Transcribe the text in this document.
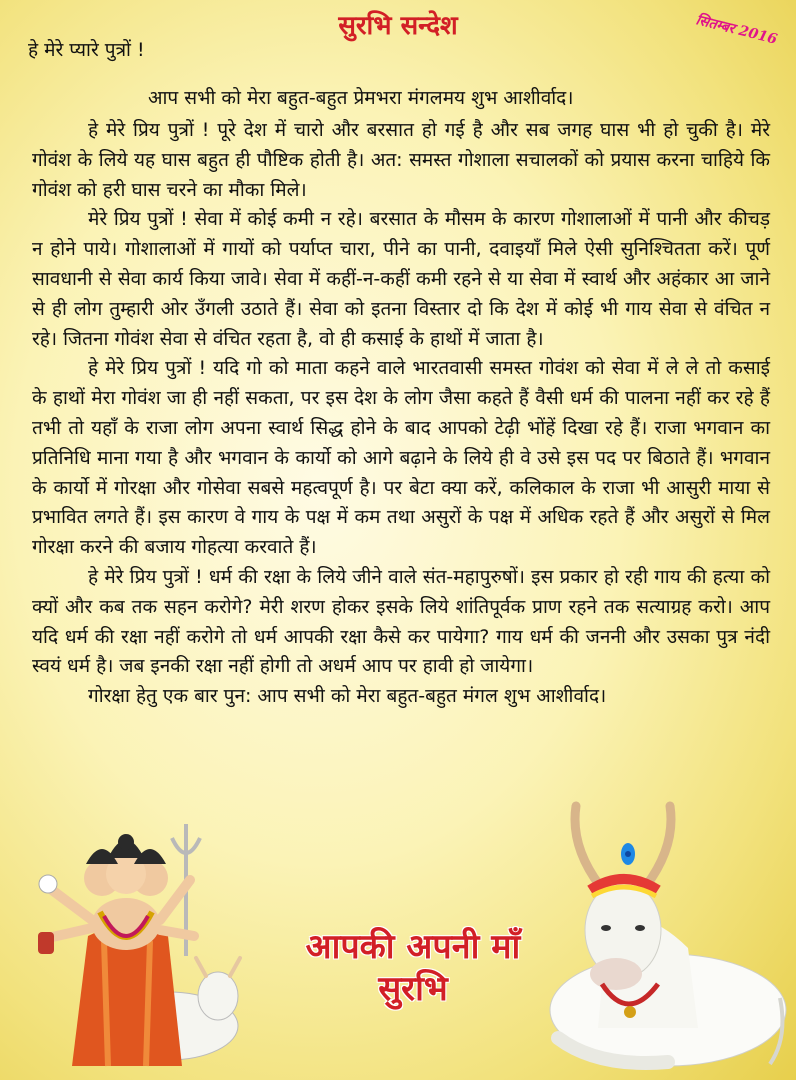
सुरभि सन्देश	सितम्बर 2016
हे मेरे प्यारे पुत्रों !
आप सभी को मेरा बहुत-बहुत प्रेमभरा मंगलमय शुभ आशीर्वाद।

हे मेरे प्रिय पुत्रों ! पूरे देश में चारो और बरसात हो गई है और सब जगह घास भी हो चुकी है। मेरे गोवंश के लिये यह घास बहुत ही पौष्टिक होती है। अत: समस्त गोशाला सचालकों को प्रयास करना चाहिये कि गोवंश को हरी घास चरने का मौका मिले।

मेरे प्रिय पुत्रों ! सेवा में कोई कमी न रहे। बरसात के मौसम के कारण गोशालाओं में पानी और कीचड़ न होने पाये। गोशालाओं में गायों को पर्याप्त चारा, पीने का पानी, दवाइयाँ मिले ऐसी सुनिश्चितता करें। पूर्ण सावधानी से सेवा कार्य किया जावे। सेवा में कहीं-न-कहीं कमी रहने से या सेवा में स्वार्थ और अहंकार आ जाने से ही लोग तुम्हारी ओर उँगली उठाते हैं। सेवा को इतना विस्तार दो कि देश में कोई भी गाय सेवा से वंचित न रहे। जितना गोवंश सेवा से वंचित रहता है, वो ही कसाई के हाथों में जाता है।

हे मेरे प्रिय पुत्रों ! यदि गो को माता कहने वाले भारतवासी समस्त गोवंश को सेवा में ले ले तो कसाई के हाथों मेरा गोवंश जा ही नहीं सकता, पर इस देश के लोग जैसा कहते हैं वैसी धर्म की पालना नहीं कर रहे हैं तभी तो यहाँ के राजा लोग अपना स्वार्थ सिद्ध होने के बाद आपको टेढ़ी भोंहें दिखा रहे हैं। राजा भगवान का प्रतिनिधि माना गया है और भगवान के कार्यो को आगे बढ़ाने के लिये ही वे उसे इस पद पर बिठाते हैं। भगवान के कार्यो में गोरक्षा और गोसेवा सबसे महत्वपूर्ण है। पर बेटा क्या करें, कलिकाल के राजा भी आसुरी माया से प्रभावित लगते हैं। इस कारण वे गाय के पक्ष में कम तथा असुरों के पक्ष में अधिक रहते हैं और असुरों से मिल गोरक्षा करने की बजाय गोहत्या करवाते हैं।

हे मेरे प्रिय पुत्रों ! धर्म की रक्षा के लिये जीने वाले संत-महापुरुषों। इस प्रकार हो रही गाय की हत्या को क्यों और कब तक सहन करोगे? मेरी शरण होकर इसके लिये शांतिपूर्वक प्राण रहने तक सत्याग्रह करो। आप यदि धर्म की रक्षा नहीं करोगे तो धर्म आपकी रक्षा कैसे कर पायेगा? गाय धर्म की जननी और उसका पुत्र नंदी स्वयं धर्म है। जब इनकी रक्षा नहीं होगी तो अधर्म आप पर हावी हो जायेगा।

गोरक्षा हेतु एक बार पुन: आप सभी को मेरा बहुत-बहुत मंगल शुभ आशीर्वाद।

आपकी अपनी माँ
सुरभि
